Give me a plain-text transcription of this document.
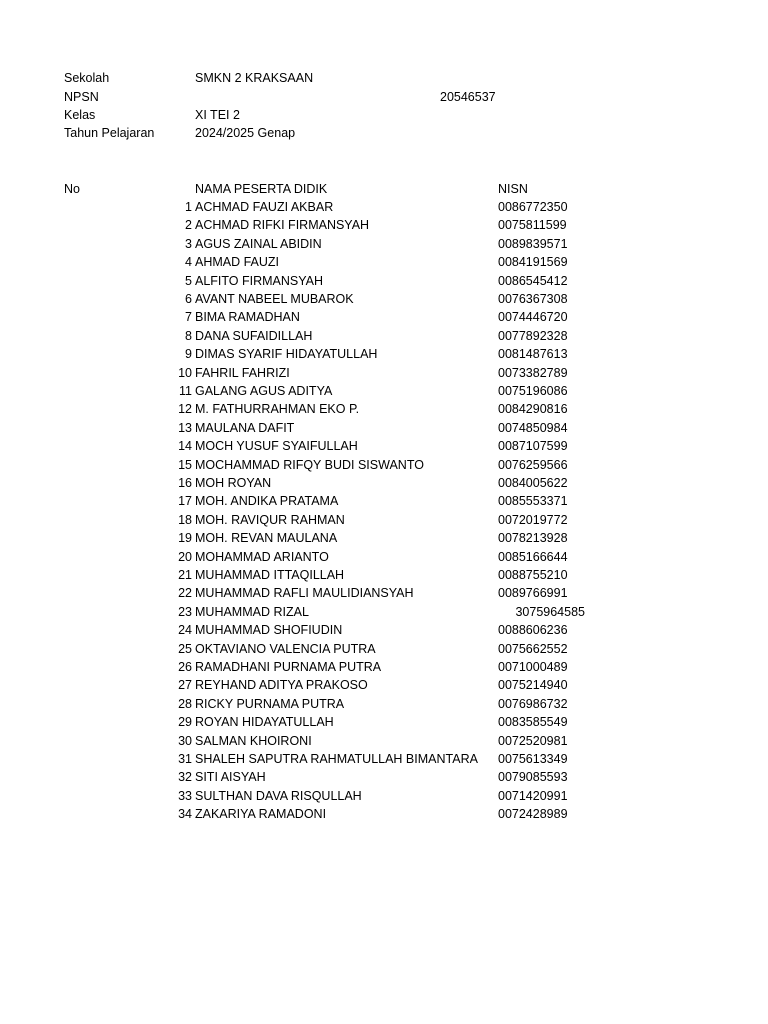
Sekolah	SMKN 2 KRAKSAAN
NPSN	20546537
Kelas	XI TEI 2
Tahun Pelajaran	2024/2025 Genap
No	NAMA PESERTA DIDIK	NISN
1 ACHMAD FAUZI AKBAR	0086772350
2 ACHMAD RIFKI FIRMANSYAH	0075811599
3 AGUS ZAINAL ABIDIN	0089839571
4 AHMAD FAUZI	0084191569
5 ALFITO FIRMANSYAH	0086545412
6 AVANT NABEEL MUBAROK	0076367308
7 BIMA RAMADHAN	0074446720
8 DANA SUFAIDILLAH	0077892328
9 DIMAS SYARIF HIDAYATULLAH	0081487613
10 FAHRIL FAHRIZI	0073382789
11 GALANG AGUS ADITYA	0075196086
12 M. FATHURRAHMAN EKO P.	0084290816
13 MAULANA DAFIT	0074850984
14 MOCH YUSUF SYAIFULLAH	0087107599
15 MOCHAMMAD RIFQY BUDI SISWANTO	0076259566
16 MOH ROYAN	0084005622
17 MOH. ANDIKA PRATAMA	0085553371
18 MOH. RAVIQUR RAHMAN	0072019772
19 MOH. REVAN MAULANA	0078213928
20 MOHAMMAD ARIANTO	0085166644
21 MUHAMMAD ITTAQILLAH	0088755210
22 MUHAMMAD RAFLI MAULIDIANSYAH	0089766991
23 MUHAMMAD RIZAL	3075964585
24 MUHAMMAD SHOFIUDIN	0088606236
25 OKTAVIANO VALENCIA PUTRA	0075662552
26 RAMADHANI PURNAMA PUTRA	0071000489
27 REYHAND ADITYA PRAKOSO	0075214940
28 RICKY PURNAMA PUTRA	0076986732
29 ROYAN HIDAYATULLAH	0083585549
30 SALMAN KHOIRONI	0072520981
31 SHALEH SAPUTRA RAHMATULLAH BIMANTARA 0075613349
32 SITI AISYAH	0079085593
33 SULTHAN DAVA RISQULLAH	0071420991
34 ZAKARIYA RAMADONI	0072428989
